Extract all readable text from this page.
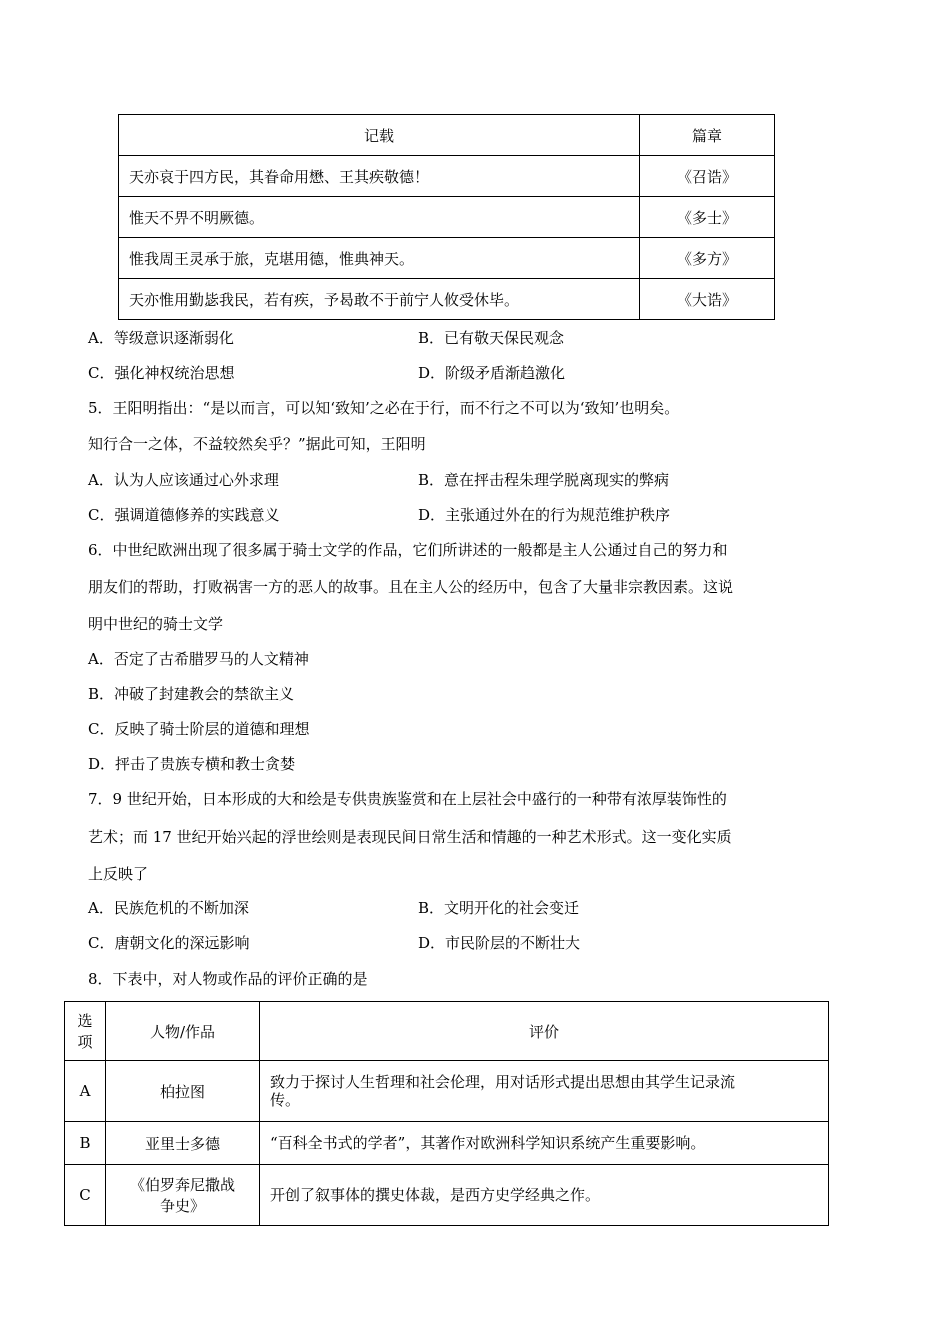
记载	篇章
天亦哀于四方民，其眷命用懋、王其疾敬德！	《召诰》
惟天不畀不明厥德。	《多士》
惟我周王灵承于旅，克堪用德，惟典神天。	《多方》
天亦惟用勤毖我民，若有疾，予曷敢不于前宁人攸受休毕。	《大诰》
A．等级意识逐渐弱化	B．已有敬天保民观念
C．强化神权统治思想	D．阶级矛盾渐趋激化
5．王阳明指出：“是以而言，可以知‘致知’之必在于行，而不行之不可以为‘致知’也明矣。
知行合一之体，不益较然矣乎？”据此可知，王阳明
A．认为人应该通过心外求理	B．意在抨击程朱理学脱离现实的弊病
C．强调道德修养的实践意义	D．主张通过外在的行为规范维护秩序
6．中世纪欧洲出现了很多属于骑士文学的作品，它们所讲述的一般都是主人公通过自己的努力和
朋友们的帮助，打败祸害一方的恶人的故事。且在主人公的经历中，包含了大量非宗教因素。这说
明中世纪的骑士文学
A．否定了古希腊罗马的人文精神
B．冲破了封建教会的禁欲主义
C．反映了骑士阶层的道德和理想
D．抨击了贵族专横和教士贪婪
7．9 世纪开始，日本形成的大和绘是专供贵族鉴赏和在上层社会中盛行的一种带有浓厚装饰性的
艺术；而 17 世纪开始兴起的浮世绘则是表现民间日常生活和情趣的一种艺术形式。这一变化实质
上反映了
A．民族危机的不断加深	B．文明开化的社会变迁
C．唐朝文化的深远影响	D．市民阶层的不断壮大
8．下表中，对人物或作品的评价正确的是
选
项	人物/作品	评价
A	柏拉图	致力于探讨人生哲理和社会伦理，用对话形式提出思想由其学生记录流
传。

B	亚里士多德	“百科全书式的学者”，其著作对欧洲科学知识系统产生重要影响。

C	《伯罗奔尼撒战
争史》	开创了叙事体的撰史体裁，是西方史学经典之作。
